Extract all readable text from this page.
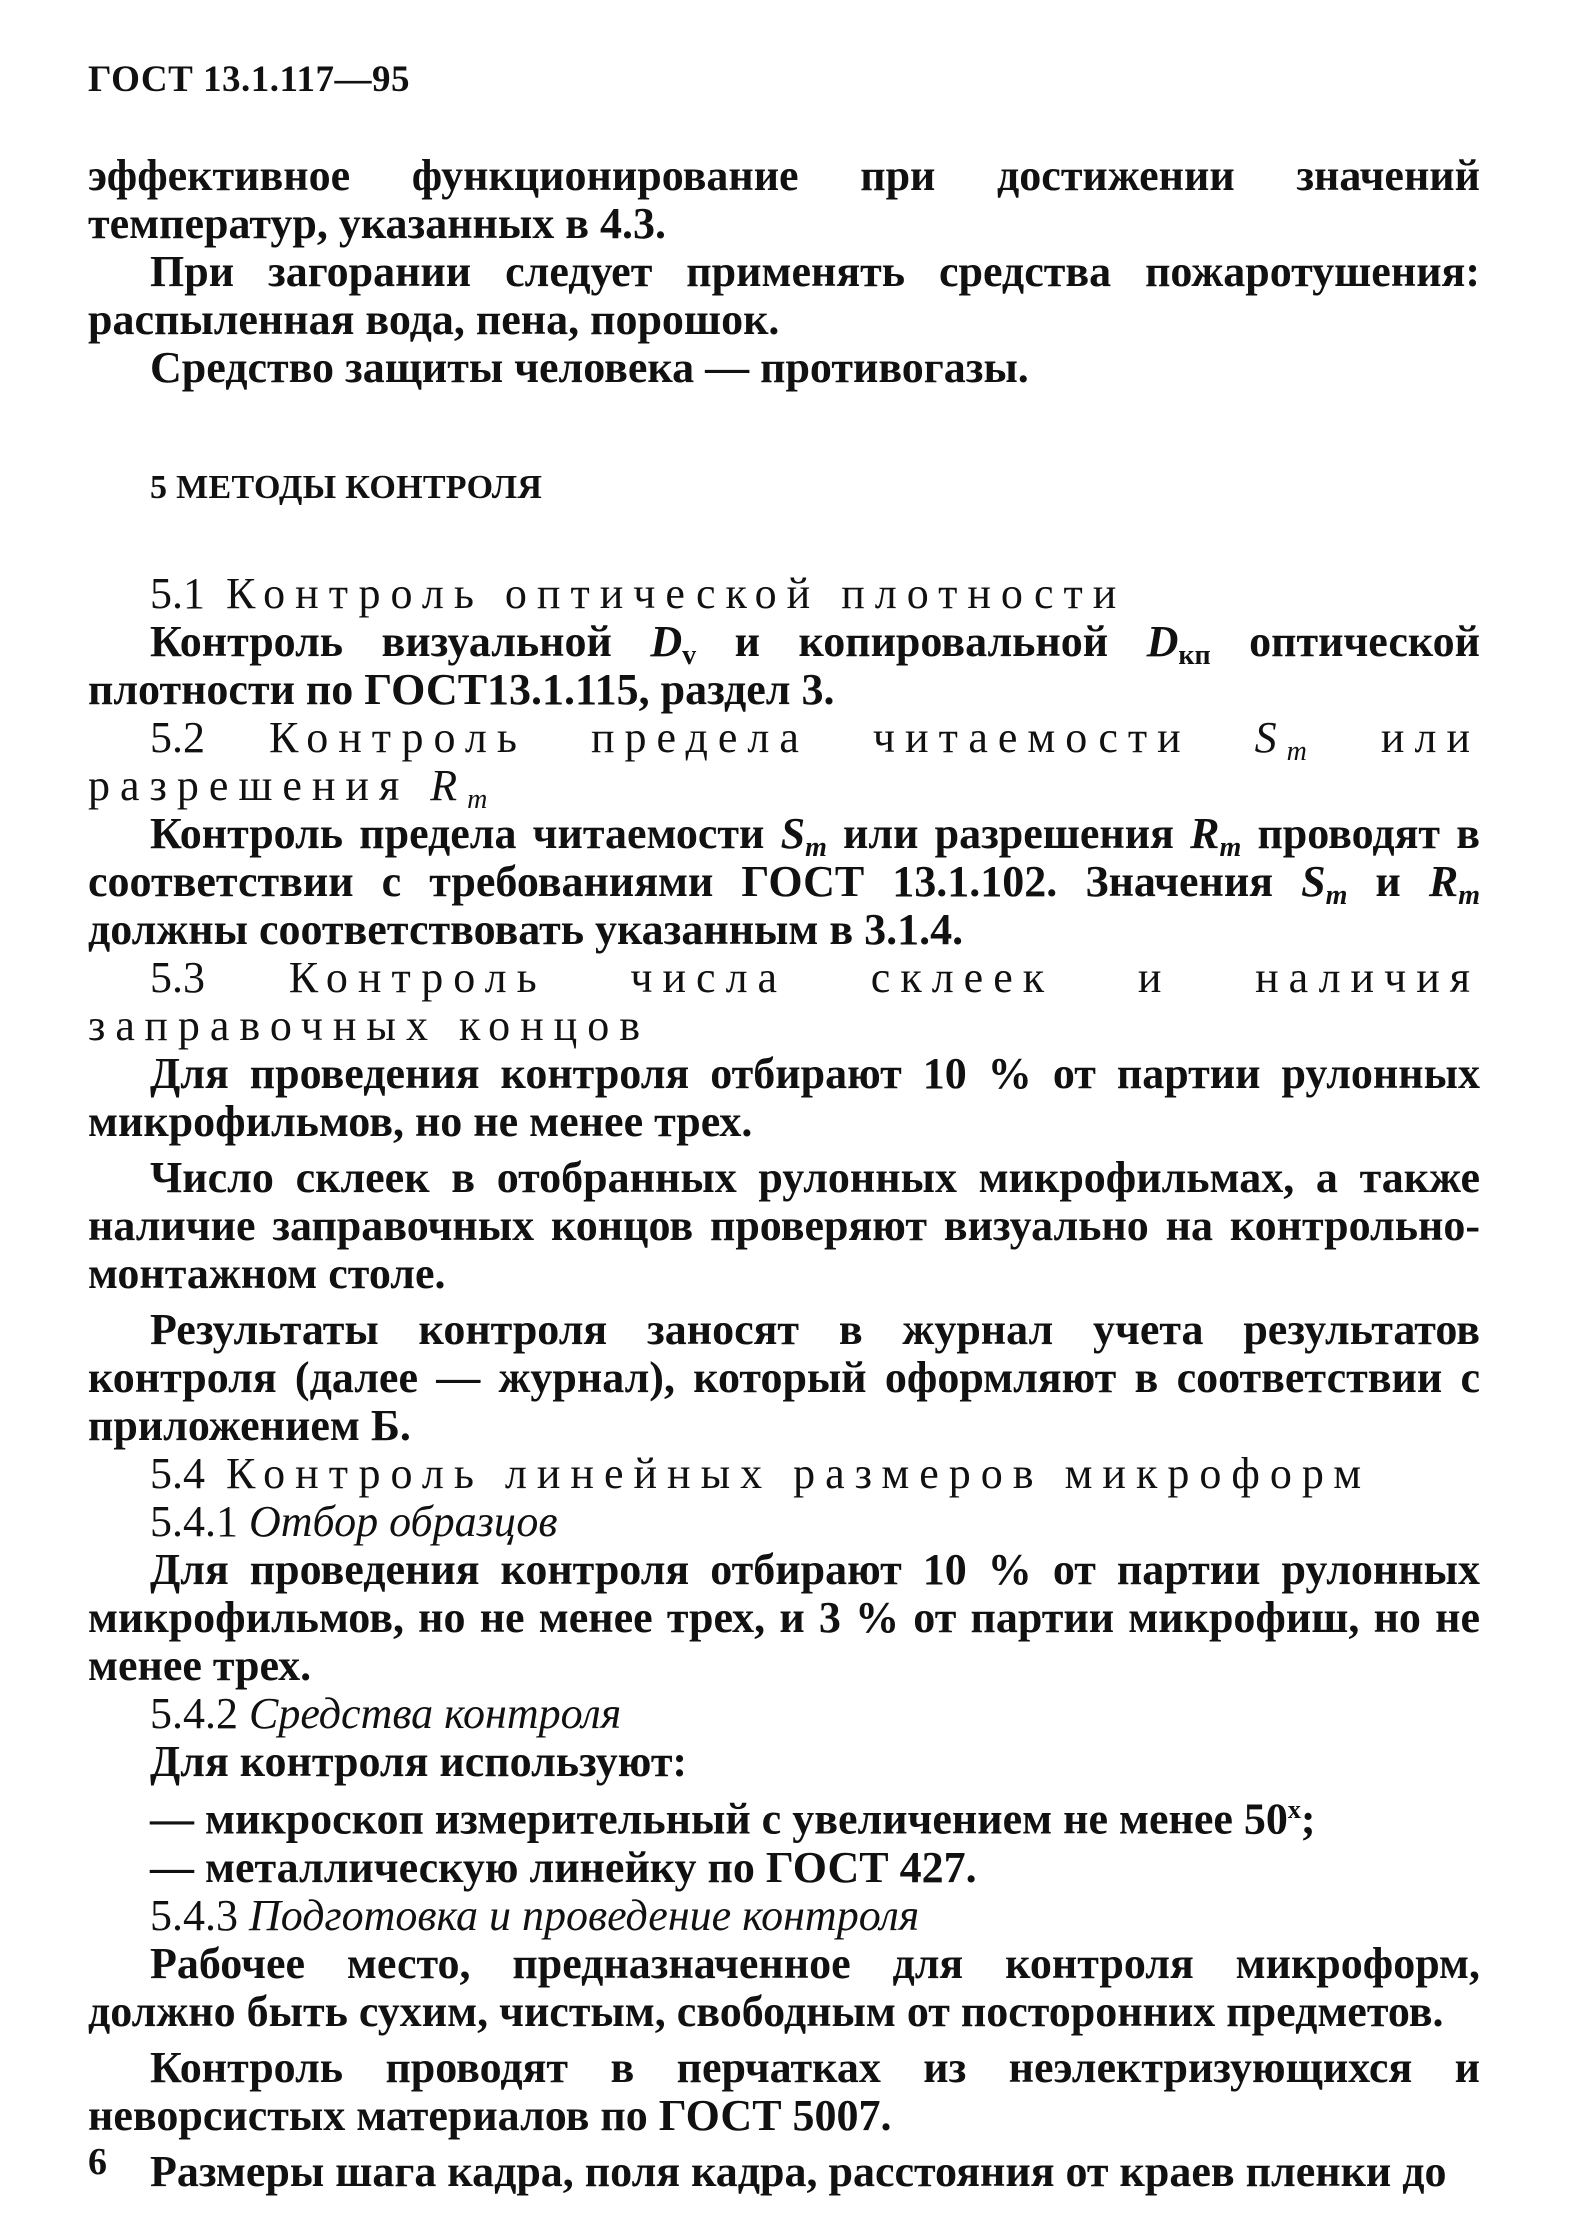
ГОСТ 13.1.117—95

эффективное функционирование при достижении значений температур, указанных в 4.3.

При загорании следует применять средства пожаротушения: распыленная вода, пена, порошок.

Средство защиты человека — противогазы.

5 МЕТОДЫ КОНТРОЛЯ

5.1 Контроль оптической плотности

Контроль визуальной $D_v$ и копировальной $D_{кп}$ оптической плотности по ГОСТ13.1.115, раздел 3.

5.2 Контроль предела читаемости $S_m$ или разрешения $R_m$

Контроль предела читаемости $S_m$ или разрешения $R_m$ проводят в соответствии с требованиями ГОСТ 13.1.102. Значения $S_m$ и $R_m$ должны соответствовать указанным в 3.1.4.

5.3 Контроль числа склеек и наличия заправочных концов

Для проведения контроля отбирают 10 % от партии рулонных микрофильмов, но не менее трех.

Число склеек в отобранных рулонных микрофильмах, а также наличие заправочных концов проверяют визуально на контрольно-монтажном столе.

Результаты контроля заносят в журнал учета результатов контроля (далее — журнал), который оформляют в соответствии с приложением Б.

5.4 Контроль линейных размеров микроформ

5.4.1 Отбор образцов

Для проведения контроля отбирают 10 % от партии рулонных микрофильмов, но не менее трех, и 3 % от партии микрофиш, но не менее трех.

5.4.2 Средства контроля

Для контроля используют:

— микроскоп измерительный с увеличением не менее 50$^x$;

— металлическую линейку по ГОСТ 427.

5.4.3 Подготовка и проведение контроля

Рабочее место, предназначенное для контроля микроформ, должно быть сухим, чистым, свободным от посторонних предметов.

Контроль проводят в перчатках из неэлектризующихся и неворсистых материалов по ГОСТ 5007.

Размеры шага кадра, поля кадра, расстояния от краев пленки до

6
